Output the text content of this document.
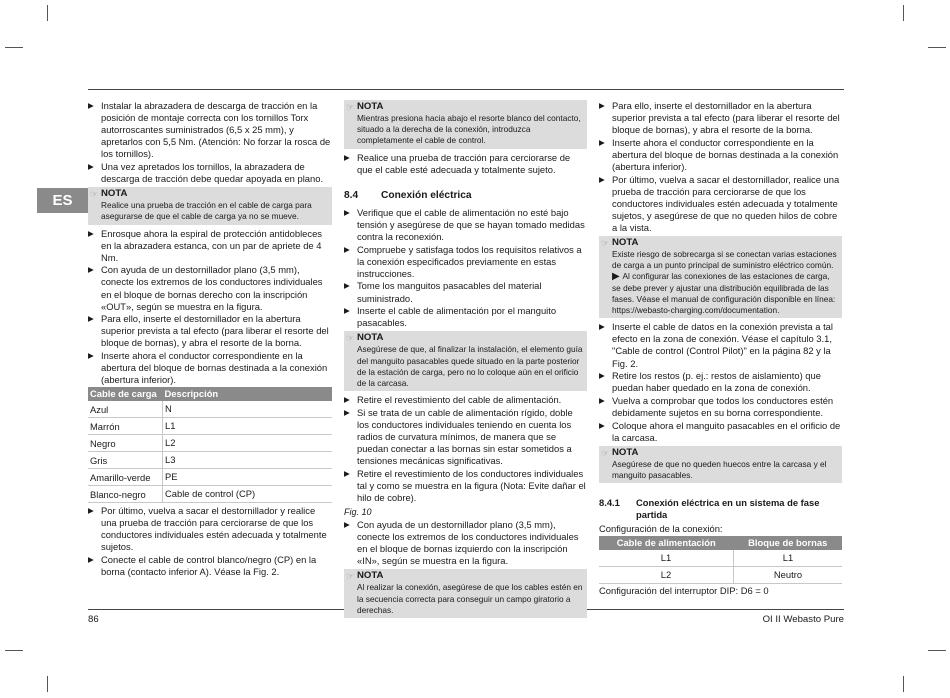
ES
▶ Instalar la abrazadera de descarga de tracción en la posición de montaje correcta con los tornillos Torx autorroscantes suministrados (6,5 x 25 mm), y apretarlos con 5,5 Nm. (Atención: No forzar la rosca de los tornillos).
▶ Una vez apretados los tornillos, la abrazadera de descarga de tracción debe quedar apoyada en plano.
☞ NOTA
Realice una prueba de tracción en el cable de carga para asegurarse de que el cable de carga ya no se mueve.
▶ Enrosque ahora la espiral de protección antidobleces en la abrazadera estanca, con un par de apriete de 4 Nm.
▶ Con ayuda de un destornillador plano (3,5 mm), conecte los extremos de los conductores individuales en el bloque de bornas derecho con la inscripción «OUT», según se muestra en la figura.
▶ Para ello, inserte el destornillador en la abertura superior prevista a tal efecto (para liberar el resorte del bloque de bornas), y abra el resorte de la borna.
▶ Inserte ahora el conductor correspondiente en la abertura del bloque de bornas destinada a la conexión (abertura inferior).
Cable de carga	Descripción
Azul	N
Marrón	L1
Negro	L2
Gris	L3
Amarillo-verde	PE
Blanco-negro	Cable de control (CP)
▶ Por último, vuelva a sacar el destornillador y realice una prueba de tracción para cerciorarse de que los conductores individuales estén adecuada y totalmente sujetos.
▶ Conecte el cable de control blanco/negro (CP) en la borna (contacto inferior A). Véase la Fig. 2.
☞ NOTA
Mientras presiona hacia abajo el resorte blanco del contacto, situado a la derecha de la conexión, introduzca completamente el cable de control.
▶ Realice una prueba de tracción para cerciorarse de que el cable esté adecuada y totalmente sujeto.
8.4 Conexión eléctrica
▶ Verifique que el cable de alimentación no esté bajo tensión y asegúrese de que se hayan tomado medidas contra la reconexión.
▶ Compruebe y satisfaga todos los requisitos relativos a la conexión especificados previamente en estas instrucciones.
▶ Tome los manguitos pasacables del material suministrado.
▶ Inserte el cable de alimentación por el manguito pasacables.
☞ NOTA
Asegúrese de que, al finalizar la instalación, el elemento guía del manguito pasacables quede situado en la parte posterior de la estación de carga, pero no lo coloque aún en el orificio de la carcasa.
▶ Retire el revestimiento del cable de alimentación.
▶ Si se trata de un cable de alimentación rígido, doble los conductores individuales teniendo en cuenta los radios de curvatura mínimos, de manera que se puedan conectar a las bornas sin estar sometidos a tensiones mecánicas significativas.
▶ Retire el revestimiento de los conductores individuales tal y como se muestra en la figura (Nota: Evite dañar el hilo de cobre).
Fig. 10
▶ Con ayuda de un destornillador plano (3,5 mm), conecte los extremos de los conductores individuales en el bloque de bornas izquierdo con la inscripción «IN», según se muestra en la figura.
☞ NOTA
Al realizar la conexión, asegúrese de que los cables estén en la secuencia correcta para conseguir un campo giratorio a derechas.
▶ Para ello, inserte el destornillador en la abertura superior prevista a tal efecto (para liberar el resorte del bloque de bornas), y abra el resorte de la borna.
▶ Inserte ahora el conductor correspondiente en la abertura del bloque de bornas destinada a la conexión (abertura inferior).
▶ Por último, vuelva a sacar el destornillador, realice una prueba de tracción para cerciorarse de que los conductores individuales estén adecuada y totalmente sujetos, y asegúrese de que no queden hilos de cobre a la vista.
☞ NOTA
Existe riesgo de sobrecarga si se conectan varias estaciones de carga a un punto principal de suministro eléctrico común.
▶ Al configurar las conexiones de las estaciones de carga, se debe prever y ajustar una distribución equilibrada de las fases. Véase el manual de configuración disponible en línea: https://webasto-charging.com/documentation.
▶ Inserte el cable de datos en la conexión prevista a tal efecto en la zona de conexión. Véase el capítulo 3.1, "Cable de control (Control Pilot)" en la página 82 y la Fig. 2.
▶ Retire los restos (p. ej.: restos de aislamiento) que puedan haber quedado en la zona de conexión.
▶ Vuelva a comprobar que todos los conductores estén debidamente sujetos en su borna correspondiente.
▶ Coloque ahora el manguito pasacables en el orificio de la carcasa.
☞ NOTA
Asegúrese de que no queden huecos entre la carcasa y el manguito pasacables.
8.4.1	Conexión eléctrica en un sistema de fase partida
Configuración de la conexión:
Cable de alimentación	Bloque de bornas
L1	L1
L2	Neutro
Configuración del interruptor DIP: D6 = 0
86	OI II Webasto Pure
